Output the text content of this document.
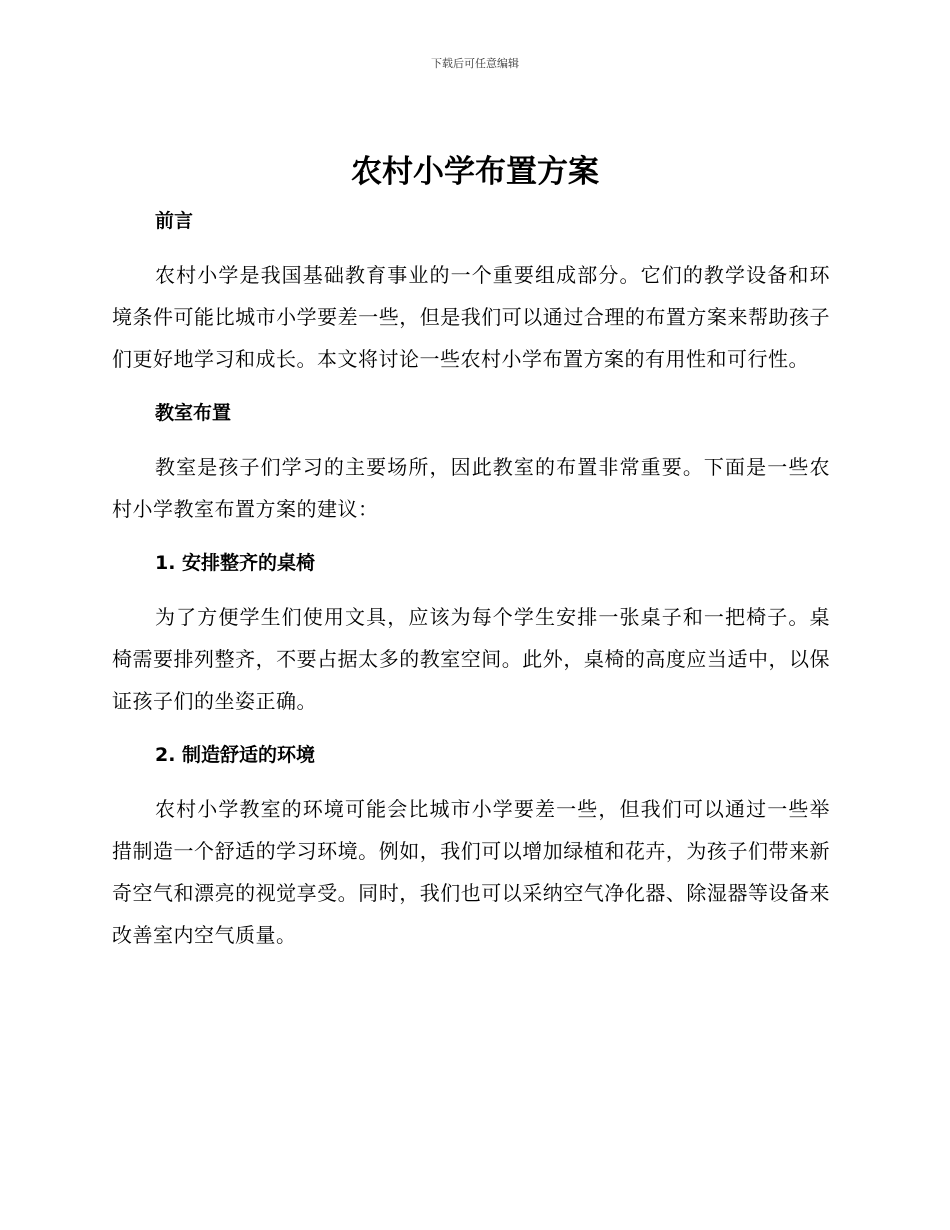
下载后可任意编辑
农村小学布置方案
前言

农村小学是我国基础教育事业的一个重要组成部分。它们的教学设备和环境条件可能比城市小学要差一些，但是我们可以通过合理的布置方案来帮助孩子们更好地学习和成长。本文将讨论一些农村小学布置方案的有用性和可行性。

教室布置

教室是孩子们学习的主要场所，因此教室的布置非常重要。下面是一些农村小学教室布置方案的建议：

1. 安排整齐的桌椅

为了方便学生们使用文具，应该为每个学生安排一张桌子和一把椅子。桌椅需要排列整齐，不要占据太多的教室空间。此外，桌椅的高度应当适中，以保证孩子们的坐姿正确。

2. 制造舒适的环境

农村小学教室的环境可能会比城市小学要差一些，但我们可以通过一些举措制造一个舒适的学习环境。例如，我们可以增加绿植和花卉，为孩子们带来新奇空气和漂亮的视觉享受。同时，我们也可以采纳空气净化器、除湿器等设备来改善室内空气质量。
